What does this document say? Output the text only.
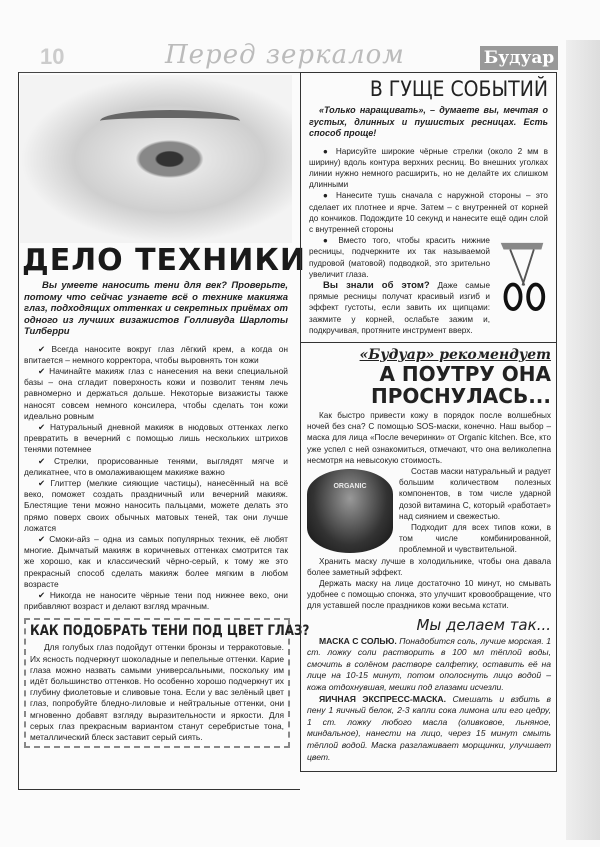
10	Перед зеркалом	Будуар
ДЕЛО ТЕХНИКИ
Вы умеете наносить тени для век? Проверьте, потому что сейчас узнаете всё о технике макияжа глаз, подходящих оттенках и секретных приёмах от одного из лучших визажистов Голливуда Шарлоты Тилберри

✔ Всегда наносите вокруг глаз лёгкий крем, а когда он впитается – немного корректора, чтобы выровнять тон кожи

✔ Начинайте макияж глаз с нанесения на веки специальной базы – она сгладит поверхность кожи и позволит теням лечь равномерно и держаться дольше. Некоторые визажисты также наносят совсем немного консилера, чтобы сделать тон кожи идеально ровным

✔ Натуральный дневной макияж в нюдовых оттенках легко превратить в вечерний с помощью лишь нескольких штрихов тенями потемнее

✔ Стрелки, прорисованные тенями, выглядят мягче и деликатнее, что в омолаживающем макияже важно

✔ Глиттер (мелкие сияющие частицы), нанесённый на всё веко, поможет создать праздничный или вечерний макияж. Блестящие тени можно наносить пальцами, можете делать это прямо поверх своих обычных матовых теней, так они лучше ложатся

✔ Смоки-айз – одна из самых популярных техник, её любят многие. Дымчатый макияж в коричневых оттенках смотрится так же хорошо, как и классический чёрно-серый, к тому же это прекрасный способ сделать макияж более мягким в любом возрасте

✔ Никогда не наносите чёрные тени под нижнее веко, они прибавляют возраст и делают взгляд мрачным.

КАК ПОДОБРАТЬ ТЕНИ ПОД ЦВЕТ ГЛАЗ?
Для голубых глаз подойдут оттенки бронзы и терракотовые. Их ясность подчеркнут шоколадные и пепельные оттенки. Карие глаза можно назвать самыми универсальными, поскольку им идёт большинство оттенков. Но особенно хорошо подчеркнут их глубину фиолетовые и сливовые тона. Если у вас зелёный цвет глаз, попробуйте бледно-лиловые и нейтральные оттенки, они мгновенно добавят взгляду выразительности и яркости. Для серых глаз прекрасным вариантом станут серебристые тона, металлический блеск заставит серый сиять.
В ГУЩЕ СОБЫТИЙ
«Только наращивать», – думаете вы, мечтая о густых, длинных и пушистых ресницах. Есть способ проще!

● Нарисуйте широкие чёрные стрелки (около 2 мм в ширину) вдоль контура верхних ресниц. Во внешних уголках линии нужно немного расширить, но не делайте их слишком длинными

● Нанесите тушь сначала с наружной стороны – это сделает их плотнее и ярче. Затем – с внутренней от корней до кончиков. Подождите 10 секунд и нанесите ещё один слой с внутренней стороны

● Вместо того, чтобы красить нижние ресницы, подчеркните их так называемой пудровой (матовой) подводкой, это зрительно увеличит глаза.

Вы знали об этом? Даже самые прямые ресницы получат красивый изгиб и эффект густоты, если завить их щипцами: зажмите у корней, ослабьте зажим и, подкручивая, протяните инструмент вверх.

«Будуар» рекомендует
А ПОУТРУ ОНА ПРОСНУЛАСЬ...

Как быстро привести кожу в порядок после волшебных ночей без сна? С помощью SOS-маски, конечно. Наш выбор – маска для лица «После вечеринки» от Organic kitchen. Все, кто уже успел с ней ознакомиться, отмечают, что она великолепна несмотря на невысокую стоимость.

ORGANIC

Состав маски натуральный и радует большим количеством полезных компонентов, в том числе ударной дозой витамина С, который «работает» над сиянием и свежестью.

Подходит для всех типов кожи, в том числе комбинированной, проблемной и чувствительной.

Хранить маску лучше в холодильнике, чтобы она давала более заметный эффект.

Держать маску на лице достаточно 10 минут, но смывать удобнее с помощью спонжа, это улучшит кровообращение, что для уставшей после праздников кожи весьма кстати.

Мы делаем так...

МАСКА С СОЛЬЮ. Понадобится соль, лучше морская. 1 ст. ложку соли растворить в 100 мл тёплой воды, смочить в солёном растворе салфетку, оставить её на лице на 10-15 минут, потом ополоснуть лицо водой – кожа отдохнувшая, мешки под глазами исчезли.

ЯИЧНАЯ ЭКСПРЕСС-МАСКА. Смешать и взбить в пену 1 яичный белок, 2-3 капли сока лимона или его цедру, 1 ст. ложку любого масла (оливковое, льняное, миндальное), нанести на лицо, через 15 минут смыть тёплой водой. Маска разглаживает морщинки, улучшает цвет.
